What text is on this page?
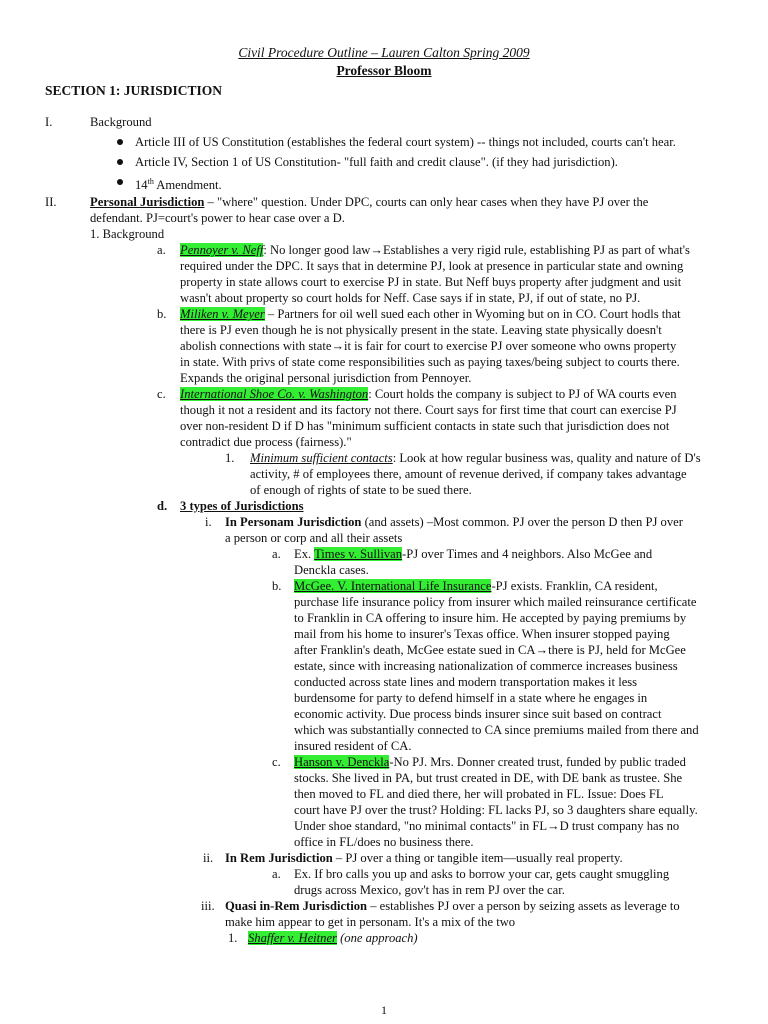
Civil Procedure Outline – Lauren Calton Spring 2009
Professor Bloom
SECTION 1: JURISDICTION
I.	Background
Article III of US Constitution (establishes the federal court system) -- things not included, courts can't hear.
Article IV, Section 1 of US Constitution- "full faith and credit clause". (if they had jurisdiction).
14th Amendment.
II.	Personal Jurisdiction – "where" question. Under DPC, courts can only hear cases when they have PJ over the
defendant. PJ=court's power to hear case over a D.
1. Background
a. Pennoyer v. Neff: No longer good law→Establishes a very rigid rule, establishing PJ as part of what's
required under the DPC. It says that in determine PJ, look at presence in particular state and owning
property in state allows court to exercise PJ in state. But Neff buys property after judgment and usit
wasn't about property so court holds for Neff. Case says if in state, PJ, if out of state, no PJ.
b. Miliken v. Meyer – Partners for oil well sued each other in Wyoming but on in CO. Court hodls that
there is PJ even though he is not physically present in the state. Leaving state physically doesn't
abolish connections with state→it is fair for court to exercise PJ over someone who owns property
in state. With privs of state come responsibilities such as paying taxes/being subject to courts there.
Expands the original personal jurisdiction from Pennoyer.
c. International Shoe Co. v. Washington: Court holds the company is subject to PJ of WA courts even
though it not a resident and its factory not there. Court says for first time that court can exercise PJ
over non-resident D if D has "minimum sufficient contacts in state such that jurisdiction does not
contradict due process (fairness)."
1. Minimum sufficient contacts: Look at how regular business was, quality and nature of D's
activity, # of employees there, amount of revenue derived, if company takes advantage
of enough of rights of state to be sued there.
d. 3 types of Jurisdictions
i. In Personam Jurisdiction (and assets) –Most common. PJ over the person D then PJ over
a person or corp and all their assets
a. Ex. Times v. Sullivan-PJ over Times and 4 neighbors. Also McGee and
Denckla cases.
b. McGee. V. International Life Insurance-PJ exists. Franklin, CA resident,
purchase life insurance policy from insurer which mailed reinsurance certificate
to Franklin in CA offering to insure him. He accepted by paying premiums by
mail from his home to insurer's Texas office. When insurer stopped paying
after Franklin's death, McGee estate sued in CA→there is PJ, held for McGee
estate, since with increasing nationalization of commerce increases business
conducted across state lines and modern transportation makes it less
burdensome for party to defend himself in a state where he engages in
economic activity. Due process binds insurer since suit based on contract
which was substantially connected to CA since premiums mailed from there and
insured resident of CA.
c. Hanson v. Denckla-No PJ. Mrs. Donner created trust, funded by public traded
stocks. She lived in PA, but trust created in DE, with DE bank as trustee. She
then moved to FL and died there, her will probated in FL. Issue: Does FL
court have PJ over the trust? Holding: FL lacks PJ, so 3 daughters share equally.
Under shoe standard, "no minimal contacts" in FL→D trust company has no
office in FL/does no business there.
ii. In Rem Jurisdiction – PJ over a thing or tangible item—usually real property.
a. Ex. If bro calls you up and asks to borrow your car, gets caught smuggling
drugs across Mexico, gov't has in rem PJ over the car.
iii. Quasi in-Rem Jurisdiction – establishes PJ over a person by seizing assets as leverage to
make him appear to get in personam. It's a mix of the two
1. Shaffer v. Heitner (one approach)
1
